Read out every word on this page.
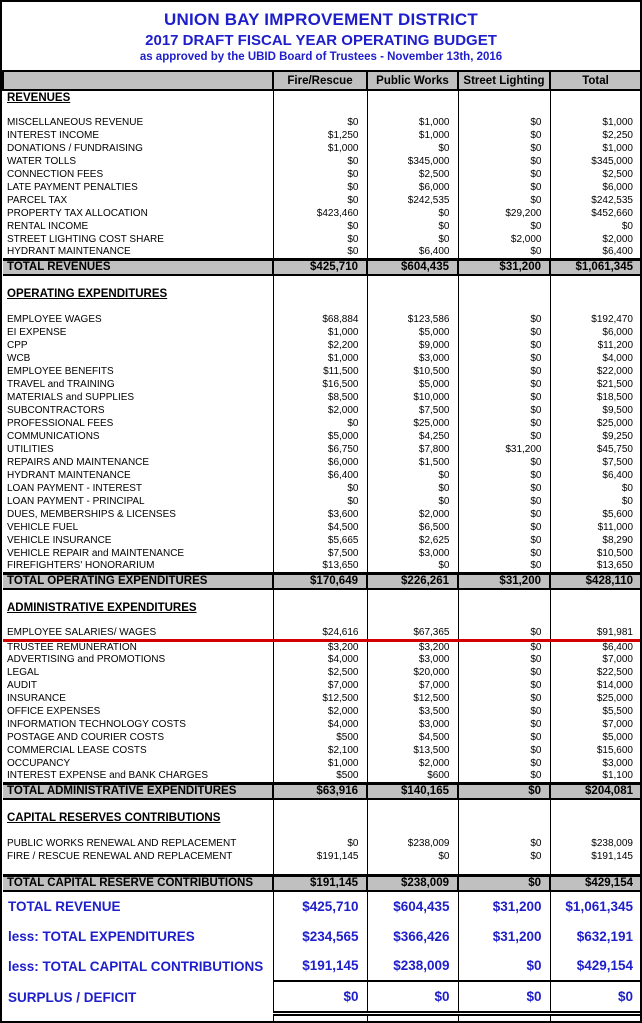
UNION BAY IMPROVEMENT DISTRICT
2017 DRAFT FISCAL YEAR OPERATING BUDGET
as approved by the UBID Board of Trustees - November 13th, 2016
	Fire/Rescue	Public Works	Street Lighting	Total
REVENUES				

MISCELLANEOUS REVENUE	$0	$1,000	$0	$1,000
INTEREST INCOME	$1,250	$1,000	$0	$2,250
DONATIONS / FUNDRAISING	$1,000	$0	$0	$1,000
WATER TOLLS	$0	$345,000	$0	$345,000
CONNECTION FEES	$0	$2,500	$0	$2,500
LATE PAYMENT PENALTIES	$0	$6,000	$0	$6,000
PARCEL TAX	$0	$242,535	$0	$242,535
PROPERTY TAX ALLOCATION	$423,460	$0	$29,200	$452,660
RENTAL INCOME	$0	$0	$0	$0
STREET LIGHTING COST SHARE	$0	$0	$2,000	$2,000
HYDRANT MAINTENANCE	$0	$6,400	$0	$6,400
TOTAL REVENUES	$425,710	$604,435	$31,200	$1,061,345

OPERATING EXPENDITURES				

EMPLOYEE WAGES	$68,884	$123,586	$0	$192,470
EI EXPENSE	$1,000	$5,000	$0	$6,000
CPP	$2,200	$9,000	$0	$11,200
WCB	$1,000	$3,000	$0	$4,000
EMPLOYEE BENEFITS	$11,500	$10,500	$0	$22,000
TRAVEL and TRAINING	$16,500	$5,000	$0	$21,500
MATERIALS and SUPPLIES	$8,500	$10,000	$0	$18,500
SUBCONTRACTORS	$2,000	$7,500	$0	$9,500
PROFESSIONAL FEES	$0	$25,000	$0	$25,000
COMMUNICATIONS	$5,000	$4,250	$0	$9,250
UTILITIES	$6,750	$7,800	$31,200	$45,750
REPAIRS AND MAINTENANCE	$6,000	$1,500	$0	$7,500
HYDRANT MAINTENANCE	$6,400	$0	$0	$6,400
LOAN PAYMENT - INTEREST	$0	$0	$0	$0
LOAN PAYMENT - PRINCIPAL	$0	$0	$0	$0
DUES, MEMBERSHIPS & LICENSES	$3,600	$2,000	$0	$5,600
VEHICLE FUEL	$4,500	$6,500	$0	$11,000
VEHICLE INSURANCE	$5,665	$2,625	$0	$8,290
VEHICLE REPAIR and MAINTENANCE	$7,500	$3,000	$0	$10,500
FIREFIGHTERS' HONORARIUM	$13,650	$0	$0	$13,650
TOTAL OPERATING EXPENDITURES	$170,649	$226,261	$31,200	$428,110

ADMINISTRATIVE EXPENDITURES				

EMPLOYEE SALARIES/ WAGES	$24,616	$67,365	$0	$91,981
TRUSTEE REMUNERATION	$3,200	$3,200	$0	$6,400
ADVERTISING and PROMOTIONS	$4,000	$3,000	$0	$7,000
LEGAL	$2,500	$20,000	$0	$22,500
AUDIT	$7,000	$7,000	$0	$14,000
INSURANCE	$12,500	$12,500	$0	$25,000
OFFICE EXPENSES	$2,000	$3,500	$0	$5,500
INFORMATION TECHNOLOGY COSTS	$4,000	$3,000	$0	$7,000
POSTAGE AND COURIER COSTS	$500	$4,500	$0	$5,000
COMMERCIAL LEASE COSTS	$2,100	$13,500	$0	$15,600
OCCUPANCY	$1,000	$2,000	$0	$3,000
INTEREST EXPENSE and BANK CHARGES	$500	$600	$0	$1,100
TOTAL ADMINISTRATIVE EXPENDITURES	$63,916	$140,165	$0	$204,081

CAPITAL RESERVES CONTRIBUTIONS				

PUBLIC WORKS RENEWAL AND REPLACEMENT	$0	$238,009	$0	$238,009
FIRE / RESCUE RENEWAL AND REPLACEMENT	$191,145	$0	$0	$191,145

TOTAL CAPITAL RESERVE CONTRIBUTIONS	$191,145	$238,009	$0	$429,154
TOTAL REVENUE	$425,710	$604,435	$31,200	$1,061,345
less: TOTAL EXPENDITURES	$234,565	$366,426	$31,200	$632,191
less: TOTAL CAPITAL CONTRIBUTIONS	$191,145	$238,009	$0	$429,154
SURPLUS / DEFICIT	$0	$0	$0	$0
